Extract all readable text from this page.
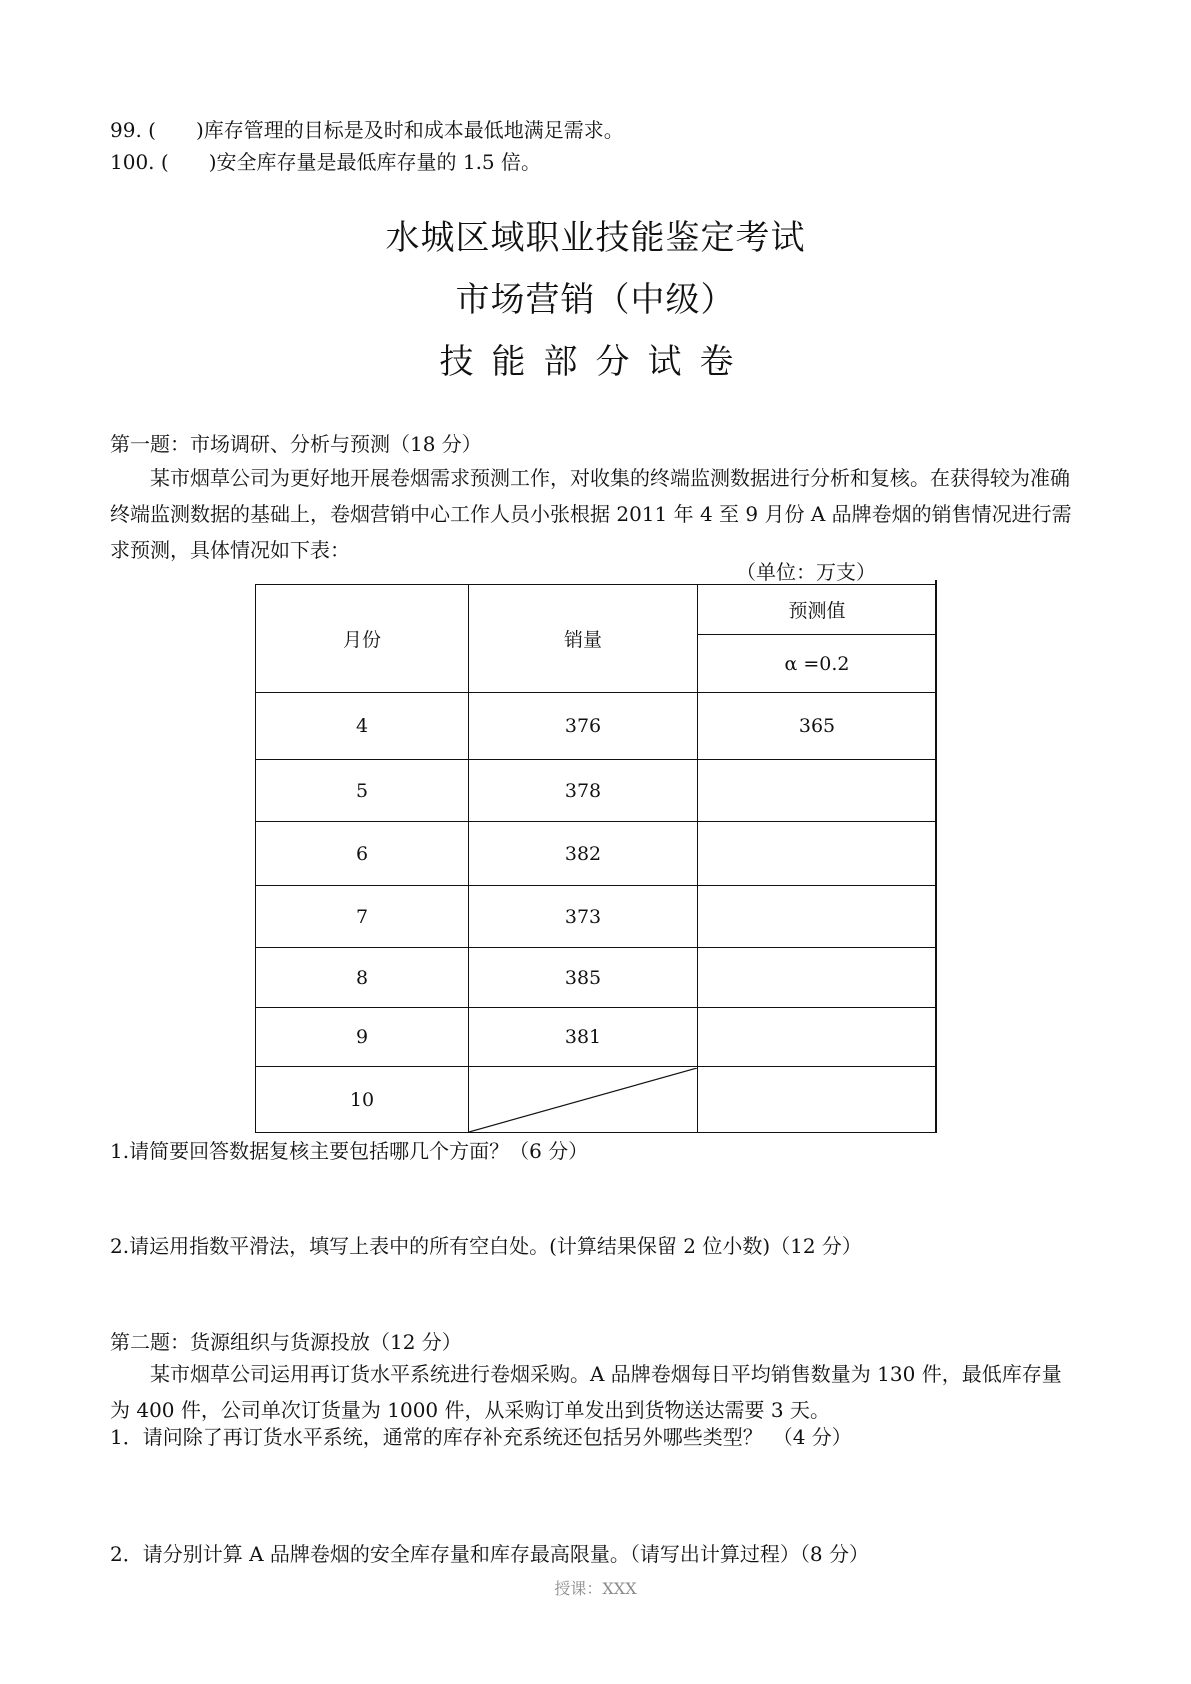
99. (　　)库存管理的目标是及时和成本最低地满足需求。
100. (　　)安全库存量是最低库存量的 1.5 倍。
水城区域职业技能鉴定考试
市场营销（中级）
技能部分试卷
第一题：市场调研、分析与预测（18 分）
某市烟草公司为更好地开展卷烟需求预测工作，对收集的终端监测数据进行分析和复核。在获得较为准确终端监测数据的基础上，卷烟营销中心工作人员小张根据 2011 年 4 至 9 月份 A 品牌卷烟的销售情况进行需求预测，具体情况如下表：
（单位：万支）
月份	销量	预测值
		α =0.2
4	376	365
5	378	
6	382	
7	373	
8	385	
9	381	
10	

1.请简要回答数据复核主要包括哪几个方面？（6 分）
2.请运用指数平滑法，填写上表中的所有空白处。(计算结果保留 2 位小数)（12 分）
第二题：货源组织与货源投放（12 分）
某市烟草公司运用再订货水平系统进行卷烟采购。A 品牌卷烟每日平均销售数量为 130 件，最低库存量为 400 件，公司单次订货量为 1000 件，从采购订单发出到货物送达需要 3 天。
1．请问除了再订货水平系统，通常的库存补充系统还包括另外哪些类型？　（4 分）
2．请分别计算 A 品牌卷烟的安全库存量和库存最高限量。（请写出计算过程）（8 分）
授课：XXX
